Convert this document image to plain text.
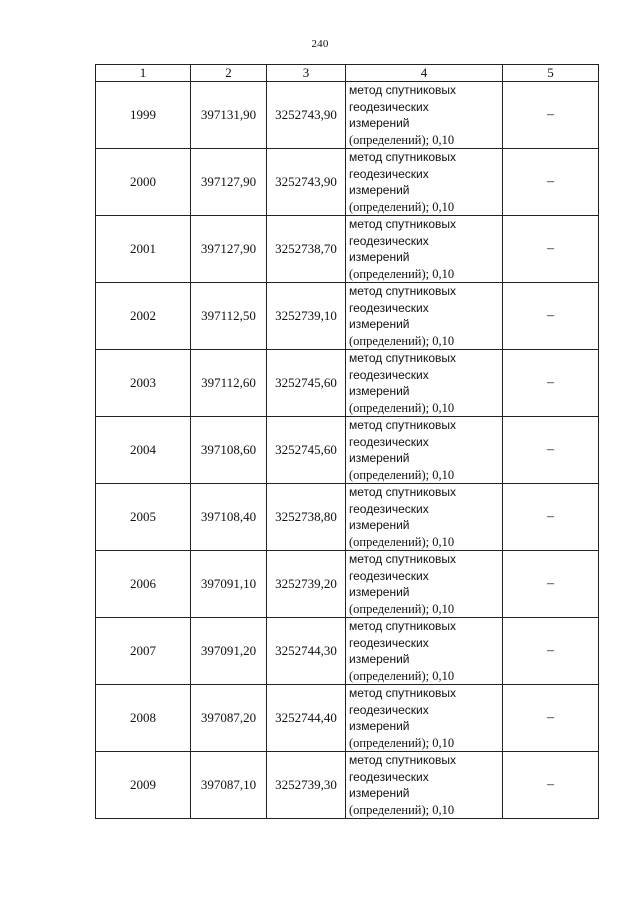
240
1	2	3	4	5
1999	397131,90	3252743,90	метод спутниковых
геодезических
измерений
(определений); 0,10	–
2000	397127,90	3252743,90	метод спутниковых
геодезических
измерений
(определений); 0,10	–
2001	397127,90	3252738,70	метод спутниковых
геодезических
измерений
(определений); 0,10	–
2002	397112,50	3252739,10	метод спутниковых
геодезических
измерений
(определений); 0,10	–
2003	397112,60	3252745,60	метод спутниковых
геодезических
измерений
(определений); 0,10	–
2004	397108,60	3252745,60	метод спутниковых
геодезических
измерений
(определений); 0,10	–
2005	397108,40	3252738,80	метод спутниковых
геодезических
измерений
(определений); 0,10	–
2006	397091,10	3252739,20	метод спутниковых
геодезических
измерений
(определений); 0,10	–
2007	397091,20	3252744,30	метод спутниковых
геодезических
измерений
(определений); 0,10	–
2008	397087,20	3252744,40	метод спутниковых
геодезических
измерений
(определений); 0,10	–
2009	397087,10	3252739,30	метод спутниковых
геодезических
измерений
(определений); 0,10	–
